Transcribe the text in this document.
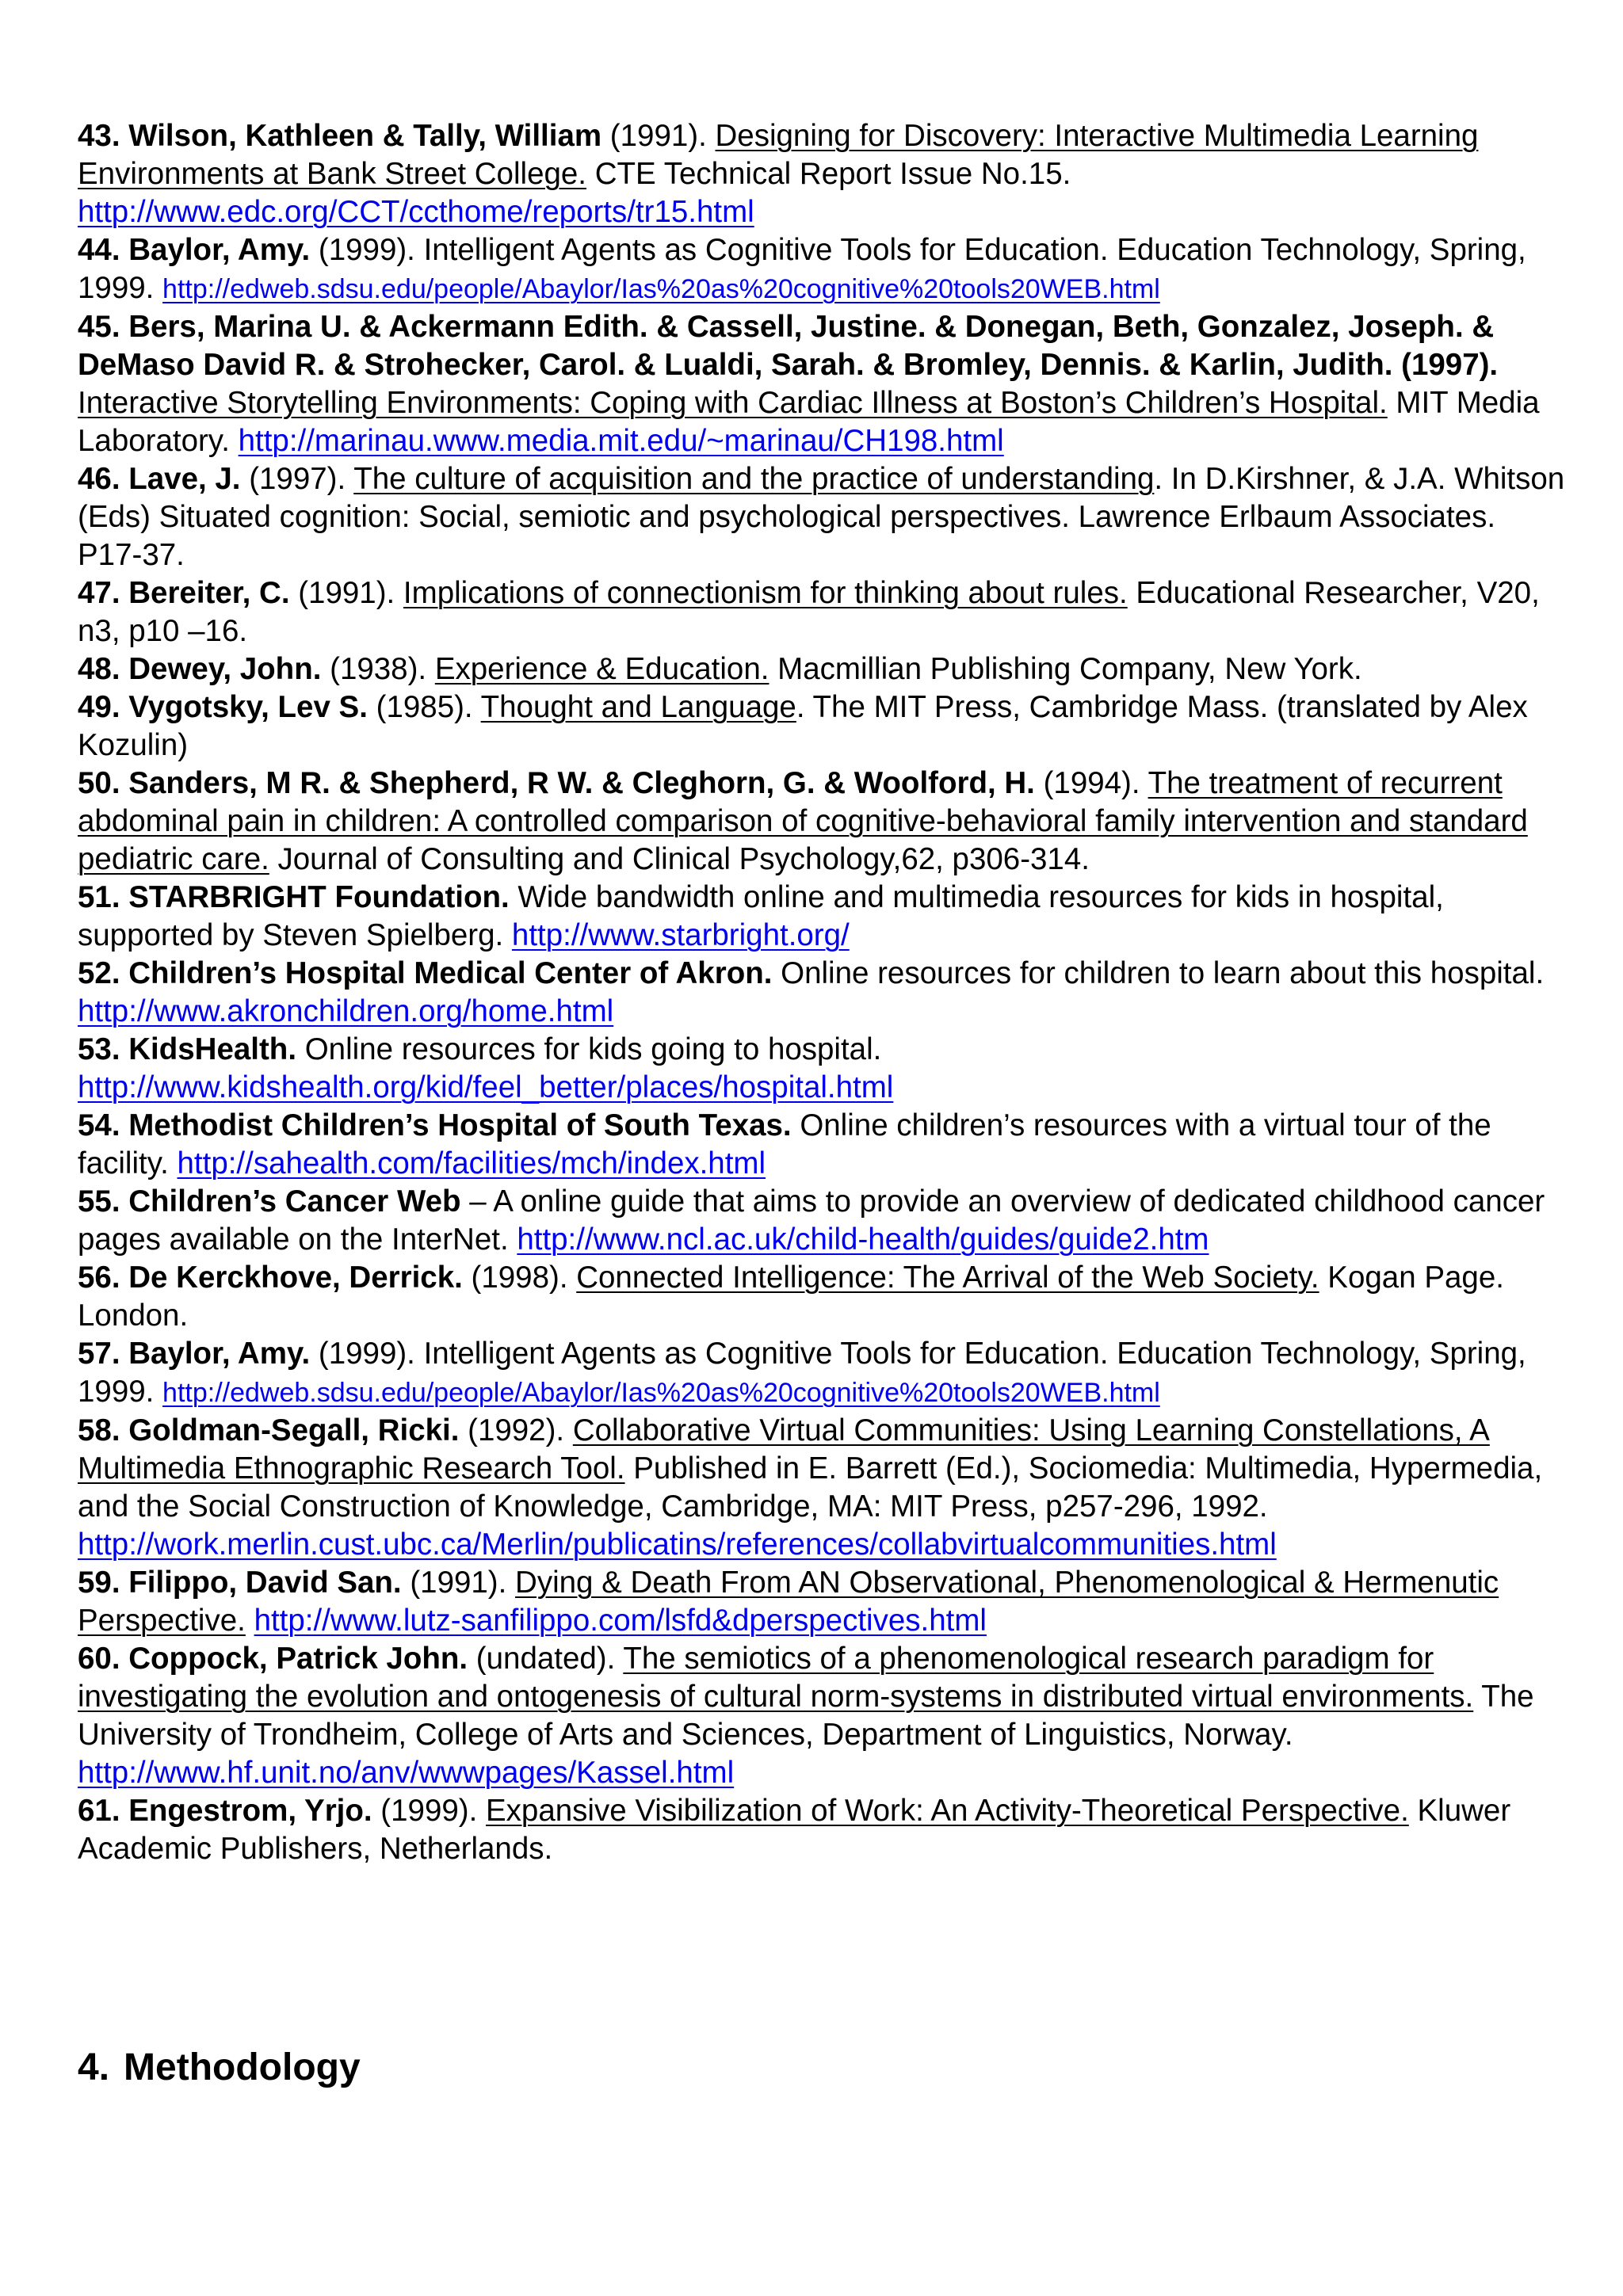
43. Wilson, Kathleen & Tally, William (1991). Designing for Discovery: Interactive Multimedia Learning Environments at Bank Street College. CTE Technical Report Issue No.15. http://www.edc.org/CCT/ccthome/reports/tr15.html

44. Baylor, Amy. (1999). Intelligent Agents as Cognitive Tools for Education. Education Technology, Spring, 1999. http://edweb.sdsu.edu/people/Abaylor/Ias%20as%20cognitive%20tools20WEB.html

45. Bers, Marina U. & Ackermann Edith. & Cassell, Justine. & Donegan, Beth, Gonzalez, Joseph. & DeMaso David R. & Strohecker, Carol. & Lualdi, Sarah. & Bromley, Dennis. & Karlin, Judith. (1997). Interactive Storytelling Environments: Coping with Cardiac Illness at Boston’s Children’s Hospital. MIT Media Laboratory. http://marinau.www.media.mit.edu/~marinau/CH198.html

46. Lave, J. (1997). The culture of acquisition and the practice of understanding. In D.Kirshner, & J.A. Whitson (Eds) Situated cognition: Social, semiotic and psychological perspectives. Lawrence Erlbaum Associates. P17-37.

47. Bereiter, C. (1991). Implications of connectionism for thinking about rules. Educational Researcher, V20, n3, p10 –16.

48. Dewey, John. (1938). Experience & Education. Macmillian Publishing Company, New York.

49. Vygotsky, Lev S. (1985). Thought and Language. The MIT Press, Cambridge Mass. (translated by Alex Kozulin)

50. Sanders, M R. & Shepherd, R W. & Cleghorn, G. & Woolford, H. (1994). The treatment of recurrent abdominal pain in children: A controlled comparison of cognitive-behavioral family intervention and standard pediatric care. Journal of Consulting and Clinical Psychology,62, p306-314.

51. STARBRIGHT Foundation. Wide bandwidth online and multimedia resources for kids in hospital, supported by Steven Spielberg. http://www.starbright.org/

52. Children’s Hospital Medical Center of Akron. Online resources for children to learn about this hospital. http://www.akronchildren.org/home.html

53. KidsHealth. Online resources for kids going to hospital. http://www.kidshealth.org/kid/feel_better/places/hospital.html

54. Methodist Children’s Hospital of South Texas. Online children’s resources with a virtual tour of the facility. http://sahealth.com/facilities/mch/index.html

55. Children’s Cancer Web – A online guide that aims to provide an overview of dedicated childhood cancer pages available on the InterNet. http://www.ncl.ac.uk/child-health/guides/guide2.htm

56. De Kerckhove, Derrick. (1998). Connected Intelligence: The Arrival of the Web Society. Kogan Page. London.

57. Baylor, Amy. (1999). Intelligent Agents as Cognitive Tools for Education. Education Technology, Spring, 1999. http://edweb.sdsu.edu/people/Abaylor/Ias%20as%20cognitive%20tools20WEB.html

58. Goldman-Segall, Ricki. (1992). Collaborative Virtual Communities: Using Learning Constellations, A Multimedia Ethnographic Research Tool. Published in E. Barrett (Ed.), Sociomedia: Multimedia, Hypermedia, and the Social Construction of Knowledge, Cambridge, MA: MIT Press, p257-296, 1992. http://work.merlin.cust.ubc.ca/Merlin/publicatins/references/collabvirtualcommunities.html

59. Filippo, David San. (1991). Dying & Death From AN Observational, Phenomenological & Hermenutic Perspective. http://www.lutz-sanfilippo.com/lsfd&dperspectives.html

60. Coppock, Patrick John. (undated). The semiotics of a phenomenological research paradigm for investigating the evolution and ontogenesis of cultural norm-systems in distributed virtual environments. The University of Trondheim, College of Arts and Sciences, Department of Linguistics, Norway. http://www.hf.unit.no/anv/wwwpages/Kassel.html

61. Engestrom, Yrjo. (1999). Expansive Visibilization of Work: An Activity-Theoretical Perspective. Kluwer Academic Publishers, Netherlands.

4. Methodology
